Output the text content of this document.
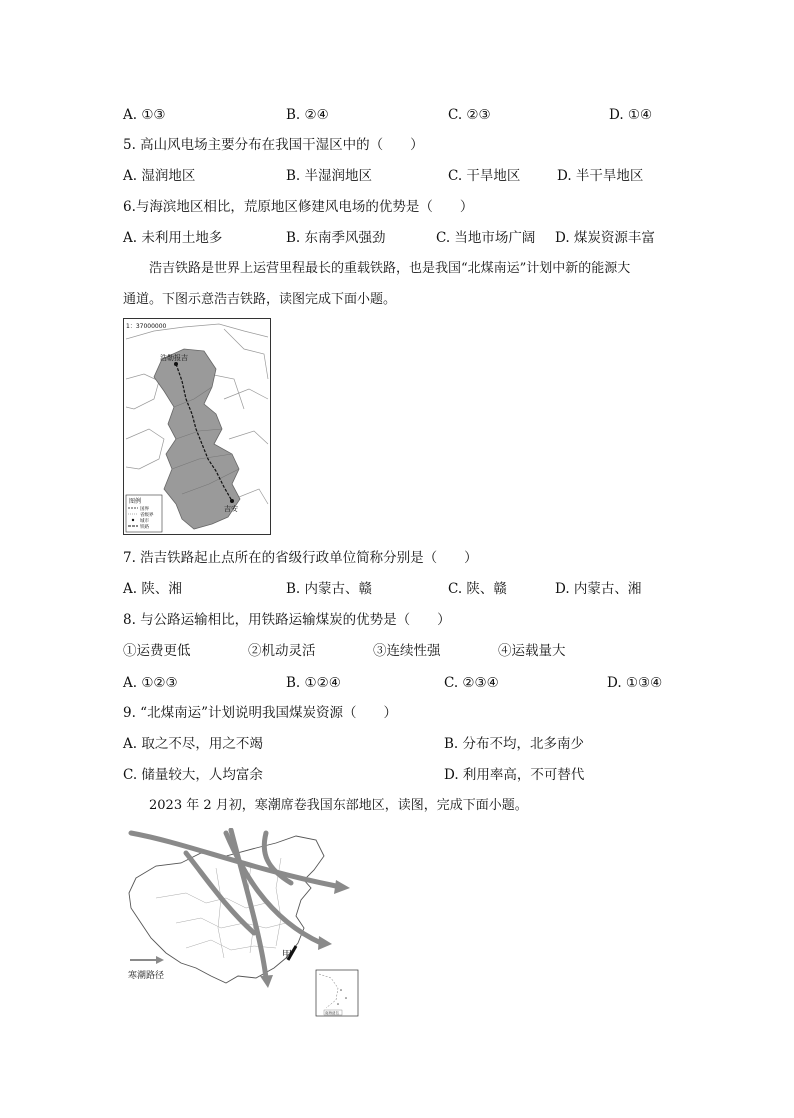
A. ①③	B. ②④	C. ②③	D. ①④
5. 高山风电场主要分布在我国干湿区中的（　　）
A. 湿润地区	B. 半湿润地区	C. 干旱地区	D. 半干旱地区
6.与海滨地区相比，荒原地区修建风电场的优势是（　　）
A. 未利用土地多	B. 东南季风强劲	C. 当地市场广阔 D. 煤炭资源丰富
浩吉铁路是世界上运营里程最长的重载铁路，也是我国“北煤南运”计划中新的能源大
通道。下图示意浩吉铁路，读图完成下面小题。
1：37000000
浩勒报吉
吉安
图例
国界
省级界
城市
铁路
7. 浩吉铁路起止点所在的省级行政单位简称分别是（　　）
A. 陕、湘	B. 内蒙古、赣	C. 陕、赣	D. 内蒙古、湘
8. 与公路运输相比，用铁路运输煤炭的优势是（　　）
①运费更低	②机动灵活	③连续性强	④运载量大
A. ①②③	B. ①②④	C. ②③④	D. ①③④
9. “北煤南运”计划说明我国煤炭资源（　　）
A. 取之不尽，用之不竭	B. 分布不均，北多南少
C. 储量较大，人均富余	D. 利用率高，不可替代
2023 年 2 月初，寒潮席卷我国东部地区，读图，完成下面小题。
甲
寒潮路径
南海诸岛
